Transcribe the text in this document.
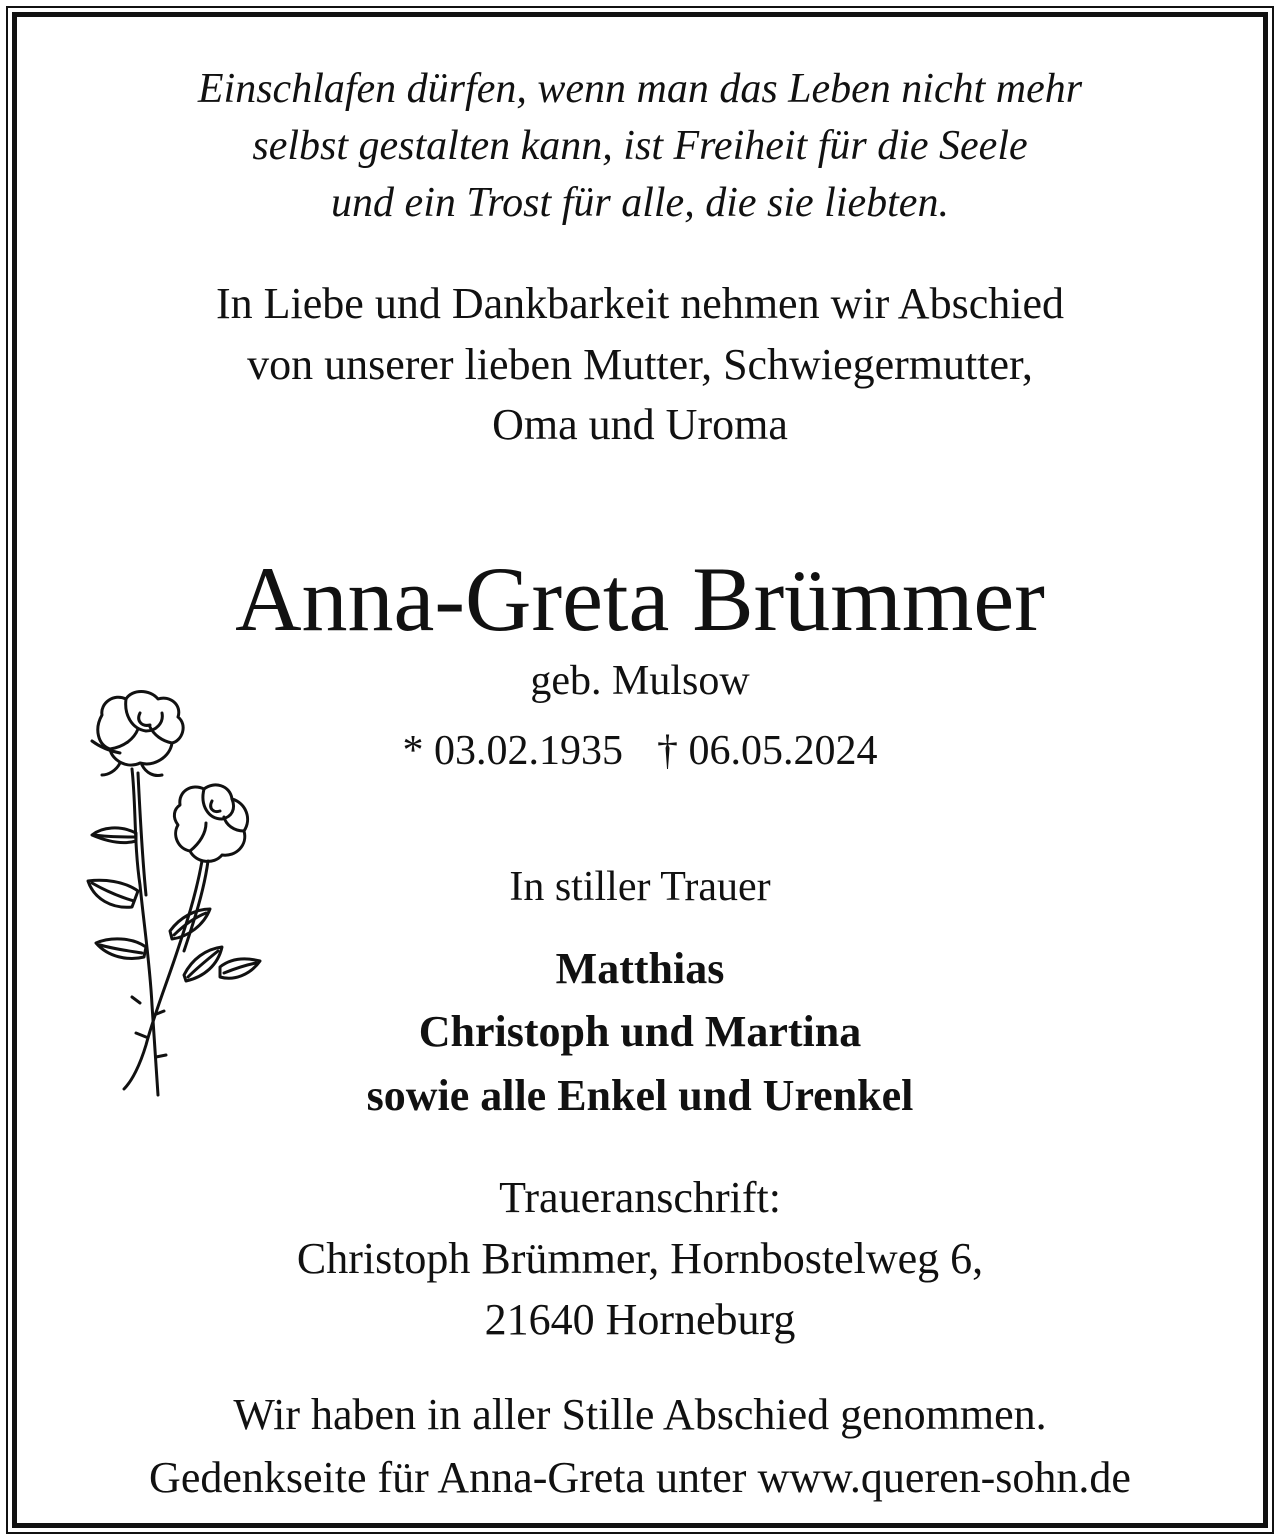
Einschlafen dürfen, wenn man das Leben nicht mehr
selbst gestalten kann, ist Freiheit für die Seele
und ein Trost für alle, die sie liebten.
In Liebe und Dankbarkeit nehmen wir Abschied
von unserer lieben Mutter, Schwiegermutter,
Oma und Uroma
Anna-Greta Brümmer
geb. Mulsow
* 03.02.1935 † 06.05.2024
In stiller Trauer
Matthias
Christoph und Martina
sowie alle Enkel und Urenkel
Traueranschrift:
Christoph Brümmer, Hornbostelweg 6,
21640 Horneburg
Wir haben in aller Stille Abschied genommen.
Gedenkseite für Anna-Greta unter www.queren-sohn.de
